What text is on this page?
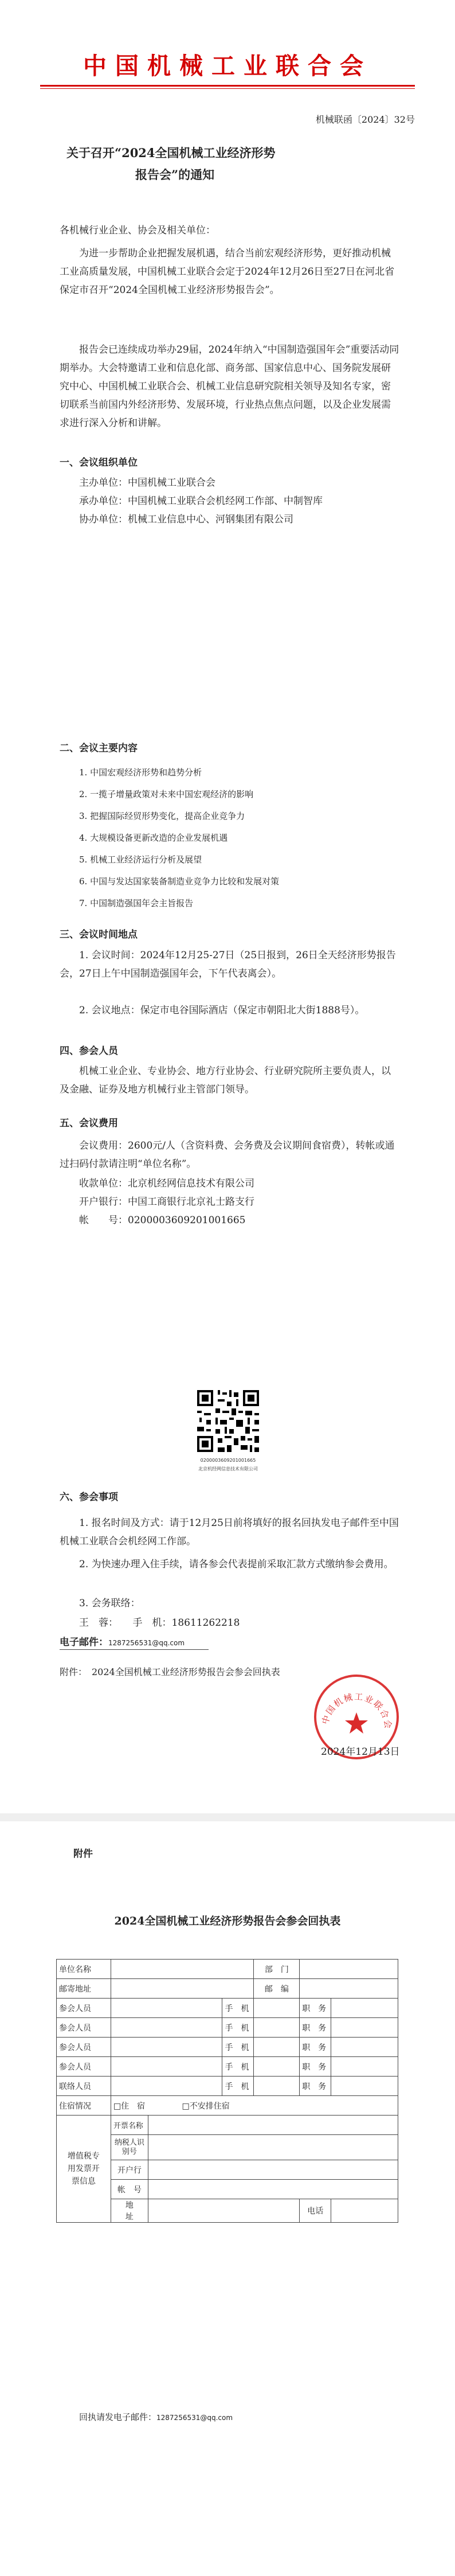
中国机械工业联合会
机械联函〔2024〕32号
关于召开“2024全国机械工业经济形势
报告会”的通知
各机械行业企业、协会及相关单位：
为进一步帮助企业把握发展机遇，结合当前宏观经济形势，更好推动机械工业高质量发展，中国机械工业联合会定于2024年12月26日至27日在河北省保定市召开“2024全国机械工业经济形势报告会”。
报告会已连续成功举办29届，2024年纳入“中国制造强国年会”重要活动同期举办。大会特邀请工业和信息化部、商务部、国家信息中心、国务院发展研究中心、中国机械工业联合会、机械工业信息研究院相关领导及知名专家，密切联系当前国内外经济形势、发展环境，行业热点焦点问题，以及企业发展需求进行深入分析和讲解。
一、会议组织单位
主办单位：中国机械工业联合会
承办单位：中国机械工业联合会机经网工作部、中制智库
协办单位：机械工业信息中心、河钢集团有限公司
二、会议主要内容
1. 中国宏观经济形势和趋势分析
2. 一揽子增量政策对未来中国宏观经济的影响
3. 把握国际经贸形势变化，提高企业竞争力
4. 大规模设备更新改造的企业发展机遇
5. 机械工业经济运行分析及展望
6. 中国与发达国家装备制造业竞争力比较和发展对策
7. 中国制造强国年会主旨报告
三、会议时间地点
1. 会议时间：2024年12月25-27日（25日报到，26日全天经济形势报告会，27日上午中国制造强国年会，下午代表离会）。
2. 会议地点：保定市电谷国际酒店（保定市朝阳北大街1888号）。
四、参会人员
机械工业企业、专业协会、地方行业协会、行业研究院所主要负责人，以及金融、证券及地方机械行业主管部门领导。
五、会议费用
会议费用：2600元/人（含资料费、会务费及会议期间食宿费），转帐或通过扫码付款请注明“单位名称”。
收款单位：北京机经网信息技术有限公司
开户银行：中国工商银行北京礼士路支行
帐　　号：0200003609201001665
0200003609201001665
北京机经网信息技术有限公司
六、参会事项
1. 报名时间及方式：请于12月25日前将填好的报名回执发电子邮件至中国机械工业联合会机经网工作部。
2. 为快速办理入住手续，请各参会代表提前采取汇款方式缴纳参会费用。
3. 会务联络：
王　蓉：　　手　机：18611262218
电子邮件：1287256531@qq.com
附件：　2024全国机械工业经济形势报告会参会回执表
中国机械工业联合会
2024年12月13日
附件
2024全国机械工业经济形势报告会参会回执表
单位名称				部　门		
邮寄地址				邮　编		
参会人员			手　机		职　务	
参会人员			手　机		职　务	
参会人员			手　机		职　务	
参会人员			手　机		职　务	
联络人员			手　机		职　务	
住宿情况	□住　宿 □不安排住宿					
增值税专用发票开票信息	开票名称					
	纳税人识别号					
	开户行					
	帐　号					
	地　　址				电话	
回执请发电子邮件：1287256531@qq.com
